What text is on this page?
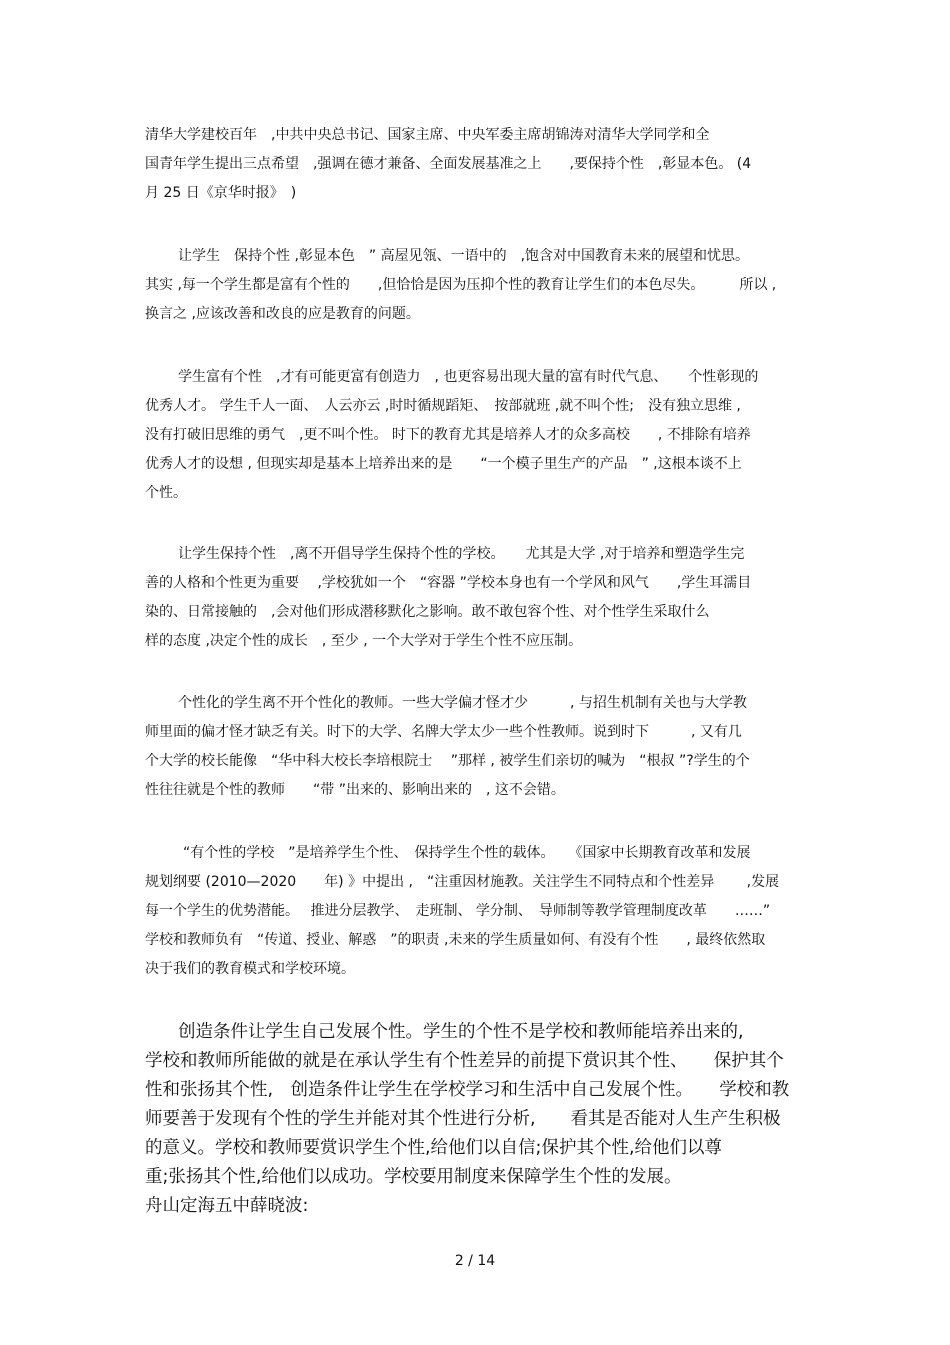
清华大学建校百年　,中共中央总书记、国家主席、中央军委主席胡锦涛对清华大学同学和全
国青年学生提出三点希望　,强调在德才兼备、全面发展基准之上　　,要保持个性　,彰显本色。 (4
月 25 日《京华时报》　)
让学生　保持个性 ,彰显本色　” 高屋见瓴、一语中的　,饱含对中国教育未来的展望和忧思。
其实 ,每一个学生都是富有个性的　　,但恰恰是因为压抑个性的教育让学生们的本色尽失。　　　所以 ,
换言之 ,应该改善和改良的应是教育的问题。
学生富有个性　,才有可能更富有创造力　, 也更容易出现大量的富有时代气息、　　个性彰现的
优秀人才。 学生千人一面、　人云亦云 ,时时循规蹈矩、　按部就班 ,就不叫个性;　没有独立思维 ,
没有打破旧思维的勇气　,更不叫个性。 时下的教育尤其是培养人才的众多高校　　, 不排除有培养
优秀人才的设想 , 但现实却是基本上培养出来的是　　“一个模子里生产的产品　” ,这根本谈不上
个性。
让学生保持个性　,离不开倡导学生保持个性的学校。　　尤其是大学 ,对于培养和塑造学生完
善的人格和个性更为重要　 ,学校犹如一个　“容器 ”学校本身也有一个学风和风气　　,学生耳濡目
染的、日常接触的　,会对他们形成潜移默化之影响。敢不敢包容个性、对个性学生采取什么
样的态度 ,决定个性的成长　, 至少 , 一个大学对于学生个性不应压制。
个性化的学生离不开个性化的教师。一些大学偏才怪才少　　　, 与招生机制有关也与大学教
师里面的偏才怪才缺乏有关。时下的大学、名牌大学太少一些个性教师。说到时下　　　, 又有几
个大学的校长能像　“华中科大校长李培根院士　 ”那样 , 被学生们亲切的喊为　“根叔 ”?学生的个
性往往就是个性的教师　　“带 ”出来的、影响出来的　, 这不会错。
“有个性的学校　”是培养学生个性、　保持学生个性的载体。　　《国家中长期教育改革和发展
规划纲要 (2010—2020　　年) 》中提出 ,　“注重因材施教。关注学生不同特点和个性差异　　 ,发展
每一个学生的优势潜能。　 推进分层教学、　走班制、 学分制、　导师制等教学管理制度改革　　……”
学校和教师负有　“传道、授业、解惑　”的职责 ,未来的学生质量如何、有没有个性　　, 最终依然取
决于我们的教育模式和学校环境。
创造条件让学生自己发展个性。学生的个性不是学校和教师能培养出来的,
学校和教师所能做的就是在承认学生有个性差异的前提下赏识其个性、　　保护其个
性和张扬其个性,　创造条件让学生在学校学习和生活中自己发展个性。　　学校和教
师要善于发现有个性的学生并能对其个性进行分析,　　看其是否能对人生产生积极
的意义。学校和教师要赏识学生个性,给他们以自信;保护其个性,给他们以尊
重;张扬其个性,给他们以成功。学校要用制度来保障学生个性的发展。
舟山定海五中薛晓波:
2 / 14
